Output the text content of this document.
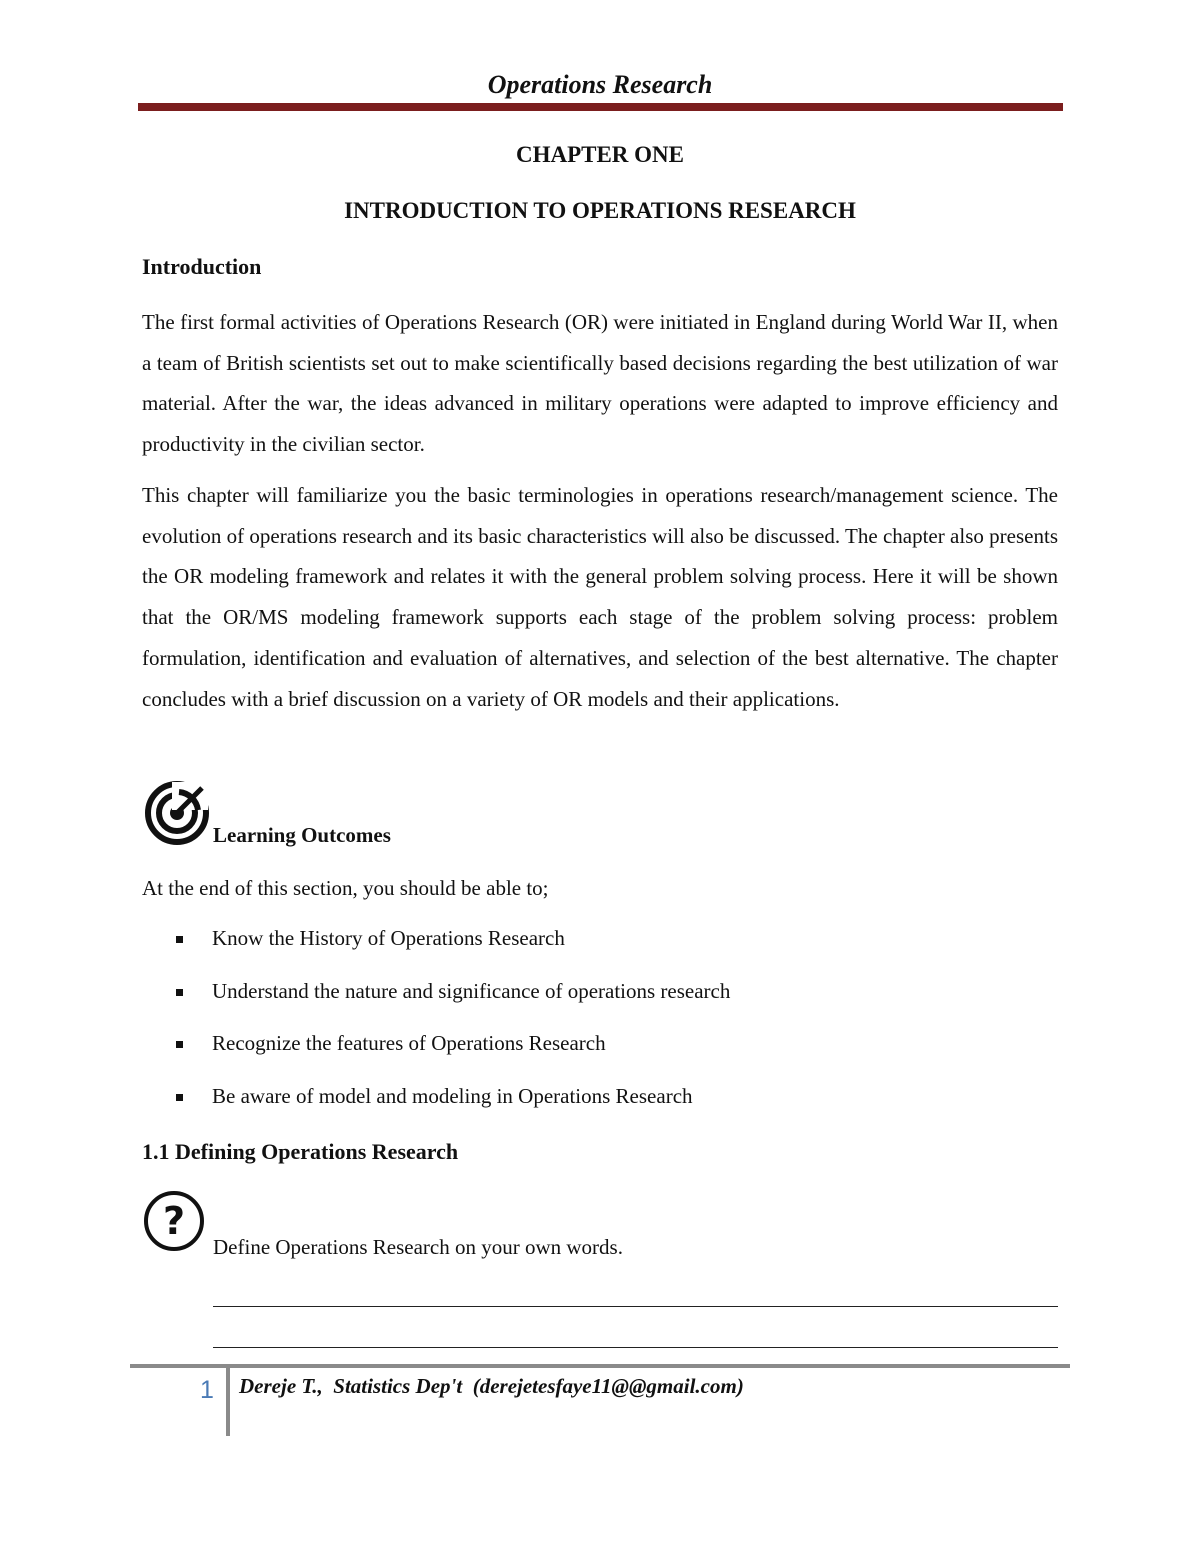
Operations Research
CHAPTER ONE
INTRODUCTION TO OPERATIONS RESEARCH
Introduction

The first formal activities of Operations Research (OR) were initiated in England during World War II, when a team of British scientists set out to make scientifically based decisions regarding the best utilization of war material. After the war, the ideas advanced in military operations were adapted to improve efficiency and productivity in the civilian sector.

This chapter will familiarize you the basic terminologies in operations research/management science. The evolution of operations research and its basic characteristics will also be discussed. The chapter also presents the OR modeling framework and relates it with the general problem solving process. Here it will be shown that the OR/MS modeling framework supports each stage of the problem solving process: problem formulation, identification and evaluation of alternatives, and selection of the best alternative. The chapter concludes with a brief discussion on a variety of OR models and their applications.

Learning Outcomes
At the end of this section, you should be able to;
Know the History of Operations Research
Understand the nature and significance of operations research
Recognize the features of Operations Research
Be aware of model and modeling in Operations Research
1.1 Defining Operations Research
?
Define Operations Research on your own words.
1 Dereje T.,  Statistics Dep't  (derejetesfaye11@@gmail.com)
